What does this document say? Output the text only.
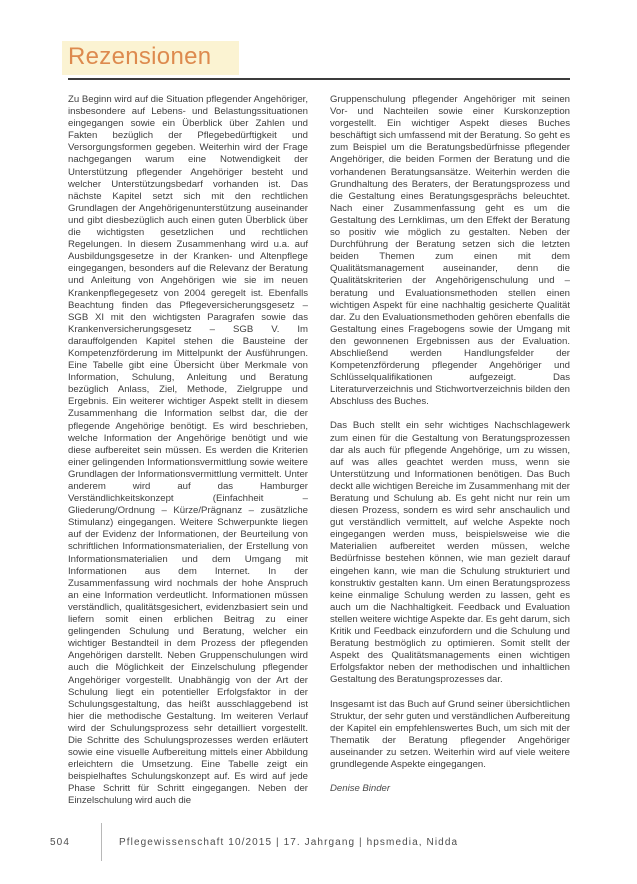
Rezensionen

Zu Beginn wird auf die Situation pflegender Angehöriger, insbesondere auf Lebens- und Belastungssituationen eingegangen sowie ein Überblick über Zahlen und Fakten bezüglich der Pflegebedürftigkeit und Versorgungsformen gegeben. Weiterhin wird der Frage nachgegangen warum eine Notwendigkeit der Unterstützung pflegender Angehöriger besteht und welcher Unterstützungsbedarf vorhanden ist. Das nächste Kapitel setzt sich mit den rechtlichen Grundlagen der Angehörigenunterstützung auseinander und gibt diesbezüglich auch einen guten Überblick über die wichtigsten gesetzlichen und rechtlichen Regelungen. In diesem Zusammenhang wird u.a. auf Ausbildungsgesetze in der Kranken- und Altenpflege eingegangen, besonders auf die Relevanz der Beratung und Anleitung von Angehörigen wie sie im neuen Krankenpflegegesetz von 2004 geregelt ist. Ebenfalls Beachtung finden das Pflegeversicherungsgesetz – SGB XI mit den wichtigsten Paragrafen sowie das Krankenversicherungsgesetz – SGB V. Im darauffolgenden Kapitel stehen die Bausteine der Kompetenzförderung im Mittelpunkt der Ausführungen. Eine Tabelle gibt eine Übersicht über Merkmale von Information, Schulung, Anleitung und Beratung bezüglich Anlass, Ziel, Methode, Zielgruppe und Ergebnis. Ein weiterer wichtiger Aspekt stellt in diesem Zusammenhang die Information selbst dar, die der pflegende Angehörige benötigt. Es wird beschrieben, welche Information der Angehörige benötigt und wie diese aufbereitet sein müssen. Es werden die Kriterien einer gelingenden Informationsvermittlung sowie weitere Grundlagen der Informationsvermittlung vermittelt. Unter anderem wird auf das Hamburger Verständlichkeitskonzept (Einfachheit – Gliederung/Ordnung – Kürze/Prägnanz – zusätzliche Stimulanz) eingegangen. Weitere Schwerpunkte liegen auf der Evidenz der Informationen, der Beurteilung von schriftlichen Informationsmaterialien, der Erstellung von Informationsmaterialien und dem Umgang mit Informationen aus dem Internet. In der Zusammenfassung wird nochmals der hohe Anspruch an eine Information verdeutlicht. Informationen müssen verständlich, qualitätsgesichert, evidenzbasiert sein und liefern somit einen erblichen Beitrag zu einer gelingenden Schulung und Beratung, welcher ein wichtiger Bestandteil in dem Prozess der pflegenden Angehörigen darstellt. Neben Gruppenschulungen wird auch die Möglichkeit der Einzelschulung pflegender Angehöriger vorgestellt. Unabhängig von der Art der Schulung liegt ein potentieller Erfolgsfaktor in der Schulungsgestaltung, das heißt ausschlaggebend ist hier die methodische Gestaltung. Im weiteren Verlauf wird der Schulungsprozess sehr detailliert vorgestellt. Die Schritte des Schulungsprozesses werden erläutert sowie eine visuelle Aufbereitung mittels einer Abbildung erleichtern die Umsetzung. Eine Tabelle zeigt ein beispielhaftes Schulungskonzept auf. Es wird auf jede Phase Schritt für Schritt eingegangen. Neben der Einzelschulung wird auch die

Gruppenschulung pflegender Angehöriger mit seinen Vor- und Nachteilen sowie einer Kurskonzeption vorgestellt. Ein wichtiger Aspekt dieses Buches beschäftigt sich umfassend mit der Beratung. So geht es zum Beispiel um die Beratungsbedürfnisse pflegender Angehöriger, die beiden Formen der Beratung und die vorhandenen Beratungsansätze. Weiterhin werden die Grundhaltung des Beraters, der Beratungsprozess und die Gestaltung eines Beratungsgesprächs beleuchtet. Nach einer Zusammenfassung geht es um die Gestaltung des Lernklimas, um den Effekt der Beratung so positiv wie möglich zu gestalten. Neben der Durchführung der Beratung setzen sich die letzten beiden Themen zum einen mit dem Qualitätsmanagement auseinander, denn die Qualitätskriterien der Angehörigenschulung und –beratung und Evaluationsmethoden stellen einen wichtigen Aspekt für eine nachhaltig gesicherte Qualität dar. Zu den Evaluationsmethoden gehören ebenfalls die Gestaltung eines Fragebogens sowie der Umgang mit den gewonnenen Ergebnissen aus der Evaluation. Abschließend werden Handlungsfelder der Kompetenzförderung pflegender Angehöriger und Schlüsselqualifikationen aufgezeigt. Das Literaturverzeichnis und Stichwortverzeichnis bilden den Abschluss des Buches.

Das Buch stellt ein sehr wichtiges Nachschlagewerk zum einen für die Gestaltung von Beratungsprozessen dar als auch für pflegende Angehörige, um zu wissen, auf was alles geachtet werden muss, wenn sie Unterstützung und Informationen benötigen. Das Buch deckt alle wichtigen Bereiche im Zusammenhang mit der Beratung und Schulung ab. Es geht nicht nur rein um diesen Prozess, sondern es wird sehr anschaulich und gut verständlich vermittelt, auf welche Aspekte noch eingegangen werden muss, beispielsweise wie die Materialien aufbereitet werden müssen, welche Bedürfnisse bestehen können, wie man gezielt darauf eingehen kann, wie man die Schulung strukturiert und konstruktiv gestalten kann. Um einen Beratungsprozess keine einmalige Schulung werden zu lassen, geht es auch um die Nachhaltigkeit. Feedback und Evaluation stellen weitere wichtige Aspekte dar. Es geht darum, sich Kritik und Feedback einzufordern und die Schulung und Beratung bestmöglich zu optimieren. Somit stellt der Aspekt des Qualitätsmanagements einen wichtigen Erfolgsfaktor neben der methodischen und inhaltlichen Gestaltung des Beratungsprozesses dar.

Insgesamt ist das Buch auf Grund seiner übersichtlichen Struktur, der sehr guten und verständlichen Aufbereitung der Kapitel ein empfehlenswertes Buch, um sich mit der Thematik der Beratung pflegender Angehöriger auseinander zu setzen. Weiterhin wird auf viele weitere grundlegende Aspekte eingegangen.

Denise Binder

504	Pflegewissenschaft 10/2015 | 17. Jahrgang | hpsmedia, Nidda
